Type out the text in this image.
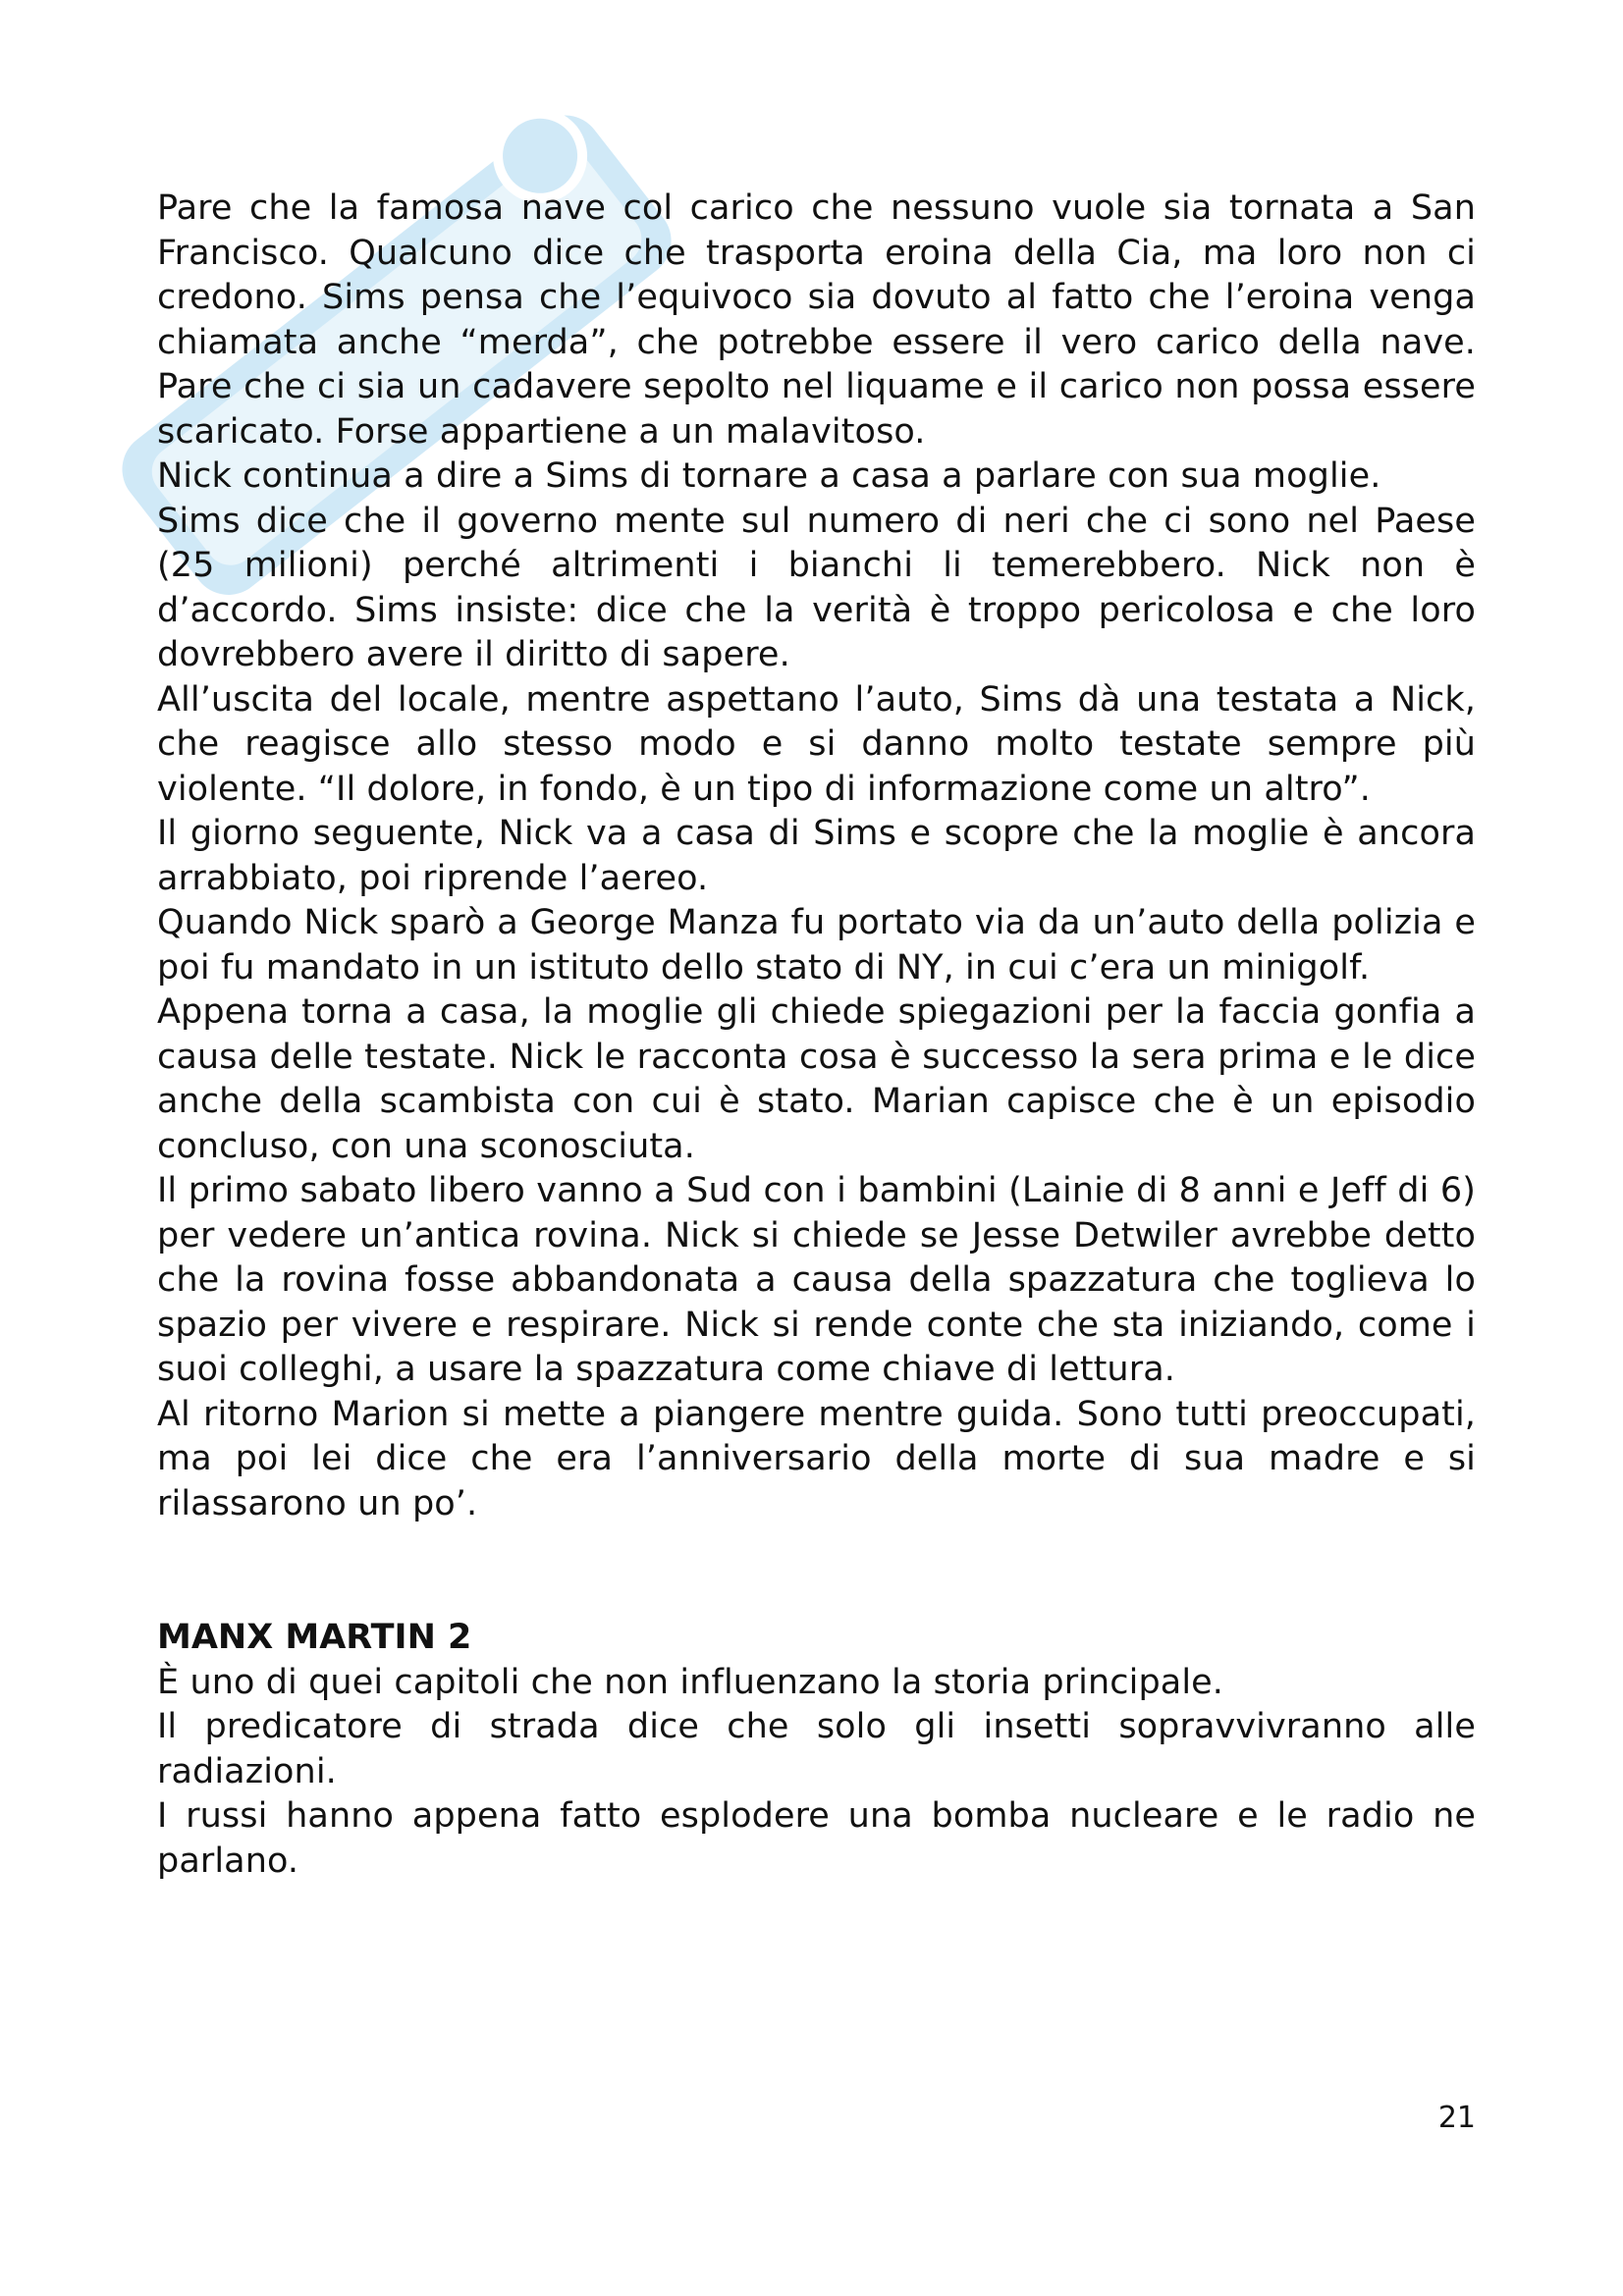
Pare che la famosa nave col carico che nessuno vuole sia tornata a San Francisco. Qualcuno dice che trasporta eroina della Cia, ma loro non ci credono. Sims pensa che l’equivoco sia dovuto al fatto che l’eroina venga chiamata anche “merda”, che potrebbe essere il vero carico della nave. Pare che ci sia un cadavere sepolto nel liquame e il carico non possa essere scaricato. Forse appartiene a un malavitoso.

Nick continua a dire a Sims di tornare a casa a parlare con sua moglie.

Sims dice che il governo mente sul numero di neri che ci sono nel Paese (25 milioni) perché altrimenti i bianchi li temerebbero. Nick non è d’accordo. Sims insiste: dice che la verità è troppo pericolosa e che loro dovrebbero avere il diritto di sapere.

All’uscita del locale, mentre aspettano l’auto, Sims dà una testata a Nick, che reagisce allo stesso modo e si danno molto testate sempre più violente. “Il dolore, in fondo, è un tipo di informazione come un altro”.

Il giorno seguente, Nick va a casa di Sims e scopre che la moglie è ancora arrabbiato, poi riprende l’aereo.

Quando Nick sparò a George Manza fu portato via da un’auto della polizia e poi fu mandato in un istituto dello stato di NY, in cui c’era un minigolf.

Appena torna a casa, la moglie gli chiede spiegazioni per la faccia gonfia a causa delle testate. Nick le racconta cosa è successo la sera prima e le dice anche della scambista con cui è stato. Marian capisce che è un episodio concluso, con una sconosciuta.

Il primo sabato libero vanno a Sud con i bambini (Lainie di 8 anni e Jeff di 6) per vedere un’antica rovina. Nick si chiede se Jesse Detwiler avrebbe detto che la rovina fosse abbandonata a causa della spazzatura che toglieva lo spazio per vivere e respirare. Nick si rende conte che sta iniziando, come i suoi colleghi, a usare la spazzatura come chiave di lettura.

Al ritorno Marion si mette a piangere mentre guida. Sono tutti preoccupati, ma poi lei dice che era l’anniversario della morte di sua madre e si rilassarono un po’.

MANX MARTIN 2

È uno di quei capitoli che non influenzano la storia principale.

Il predicatore di strada dice che solo gli insetti sopravvivranno alle radiazioni.

I russi hanno appena fatto esplodere una bomba nucleare e le radio ne parlano.

21
